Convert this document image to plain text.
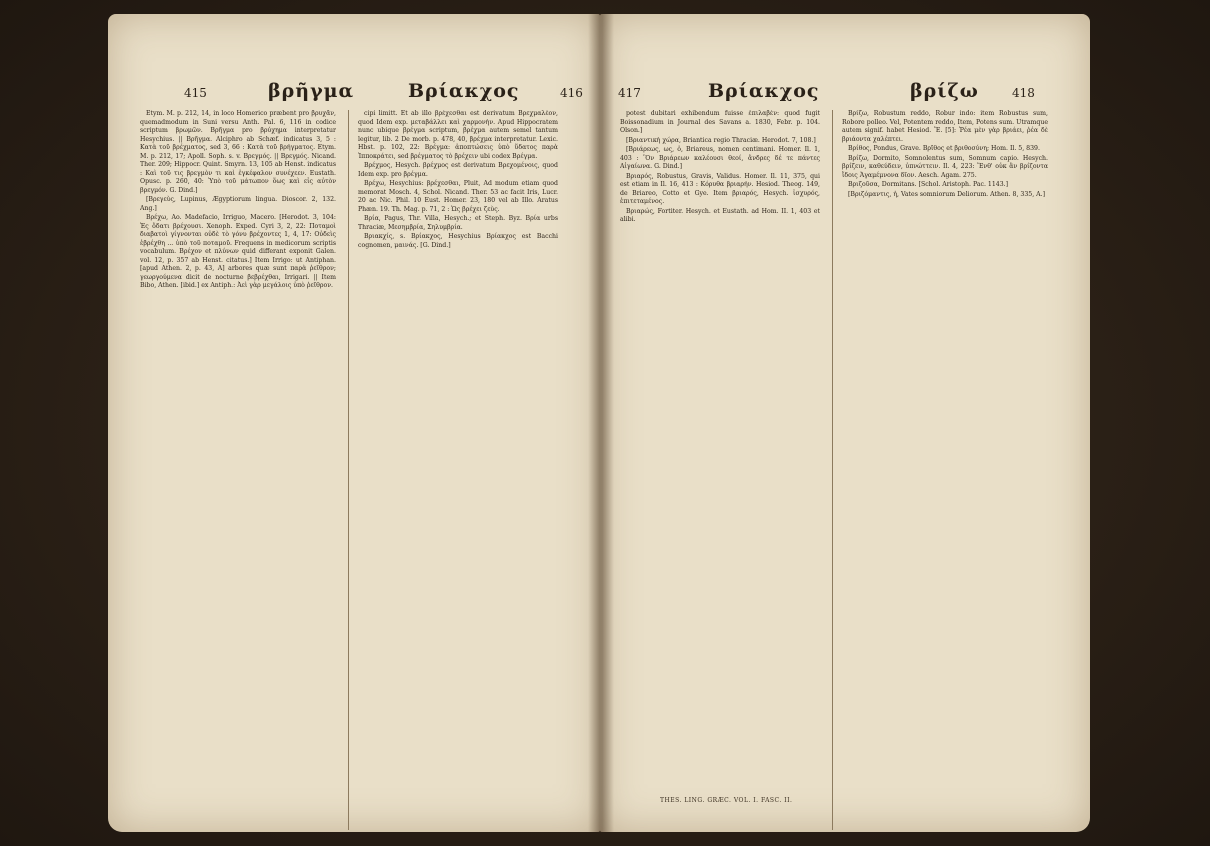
415	βρῆγμα	Βρίακχος	416

Etym. M. p. 212, 14, in loco Homerico præbent pro βρυχᾶν, quemadmodum in Suni versu Anth. Pal. 6, 116 in codice scriptum βρωμῶν. Βρῆγμα pro βρύχημα interpretatur Hesychius. || Βρῆγμα. Alciphro ab Schæf. indicatus 3, 5 : Κατὰ τοῦ βρέχματος, sed 3, 66 : Κατὰ τοῦ βρήγματος. Etym. M. p. 212, 17; Apoll. Soph. s. v. Βρεγμός. || Βρεγμός. Nicand. Ther. 209; Hippocr. Quint. Smyrn. 13, 105 ab Henst. indicatus : Καὶ τοῦ τις βρεγμὸν τι καὶ ἐγκέφαλον συνέχεεν. Eustath. Opusc. p. 260, 40: Ὑπὸ τοῦ μάτωπον ὅως καὶ εἰς αὐτὸν βρεγμόν. G. Dind.]

[Βρεγεὺς, Lupinus, Ægyptiorum lingua. Dioscor. 2, 132. Ang.]

Βρέχω, Ao. Madefacio, Irriguo, Macero. [Herodot. 3, 104: Ἐς ὅδατι βρέχουσι. Xenoph. Exped. Cyri 3, 2, 22: Ποταμοὶ διαβατοὶ γίγνονται οὐδὲ τὸ γόνυ βρέχοντες 1, 4, 17: Οὐδεὶς ἐβρέχθη ... ὑπὸ τοῦ ποταμοῦ. Frequens in medicorum scriptis vocabulum. Βρέχον et πλύνων quid differant exponit Galen. vol. 12, p. 357 ab Henst. citatus.] Item Irrigo: ut Antiphan. [apud Athen. 2, p. 43, A] arbores quæ sunt παρὰ ῥεῖθρον; γεωργούμενα dicit de nocturne βεβρέχθαι, Irrigari. || Item Bibo, Athen. [ibid.] ex Antiph.: Ἀεὶ γὰρ μεγάλοις ὑπὸ ῥεῖθρον.

cipi limitt. Et ab illo βρέχεσθαι est derivatum Βρεχμαλέον, quod Idem exp. μεταβάλλει καὶ χαρμονὴν. Apud Hippocratem nunc ubique βρέγμα scriptum, βρέχμα autem semel tantum legitur, lib. 2 De morb. p. 478, 40, βρέχμα interpretatur. Lexic. Hbst. p. 102, 22: Βρέγμα: ἀποπτώσεις ὑπὸ ὕδατος παρὰ Ἱπποκράτει, sed βρέγματος τὸ βρέχειν ubi codex Βρέγμα.

Βρέχμος, Hesych. βρέχμος est derivatum Βρεχομένοις, quod Idem exp. pro βρέγμα.

Βρέχω, Hesychius: βρέχεσθαι, Pluit, Ad modum etiam quod memorat Mosch. 4, Schol. Nicand. Ther. 53 ac facit Iris, Lucr. 20 ac Nic. Phil. 10 Eust. Homer. 23, 180 vel ab Illo. Aratus Phæn. 19. Th. Mag. p. 71, 2 : Ὡς βρέχει ζεὺς.

Βρία, Pagus, Thr. Villa, Hesych.; et Steph. Byz. Βρία urbs Thraciæ, Μεσημβρία, Σηλυμβρία.

Βριακχίς, s. Βρίακχος, Hesychius Βρίακχος est Bacchi cognomen, μαινάς. [G. Dind.]

417	Βρίακχος	βρίζω	418

potest dubitari exhibendum fuisse ἐπιλαβὲν: quod fugit Boissonadium in Journal des Savans a. 1830, Febr. p. 104. Olson.]

[Βριαντικὴ χώρα, Briantica regio Thraciæ. Herodot. 7, 108.]

[Βριάρεως, ως, ὁ, Briareus, nomen centimani. Homer. Il. 1, 403 : Ὃν Βριάρεων καλέουσι θεοί, ἄνδρες δέ τε πάντες Αἰγαίωνα. G. Dind.]

Βριαρός, Robustus, Gravis, Validus. Homer. Il. 11, 375, qui est etiam in Il. 16, 413 : Κόρυθα βριαρήν. Hesiod. Theog. 149, de Briareo, Cotto et Gye. Item βριαρός, Hesych. ἰσχυρός, ἐπιτεταμένος.

Βριαρώς, Fortiter. Hesych. et Eustath. ad Hom. II. 1, 403 et alibi.

Βρίζω, Robustum reddo, Robur indo: item Robustus sum, Robore polleo. Vel, Potentem reddo, Item, Potens sum. Utramque autem signif. habet Hesiod. Ἔ. [5]: Ῥέα μὲν γὰρ βριάει, ῥέα δὲ βριάοντα χαλέπτει.

Βρίθος, Pondus, Grave. Βρῖθος et βριθοσύνη; Hom. Il. 5, 839.

Βρίζω, Dormito, Somnolentus sum, Somnum capio. Hesych. βρίζειν, καθεύδειν, ὑπνώττειν. Il. 4, 223: Ἔνθ' οὐκ ἂν βρίζοντα ἴδοις Ἀγαμέμνονα δῖον. Aesch. Agam. 275.

Βριζοῦσα, Dormitans. [Schol. Aristoph. Pac. 1143.]

[Βριζόμαντις, ἡ, Vates somniorum Deliorum. Athen. 8, 335, A.]

THES. LING. GRÆC. VOL. I. FASC. II.
